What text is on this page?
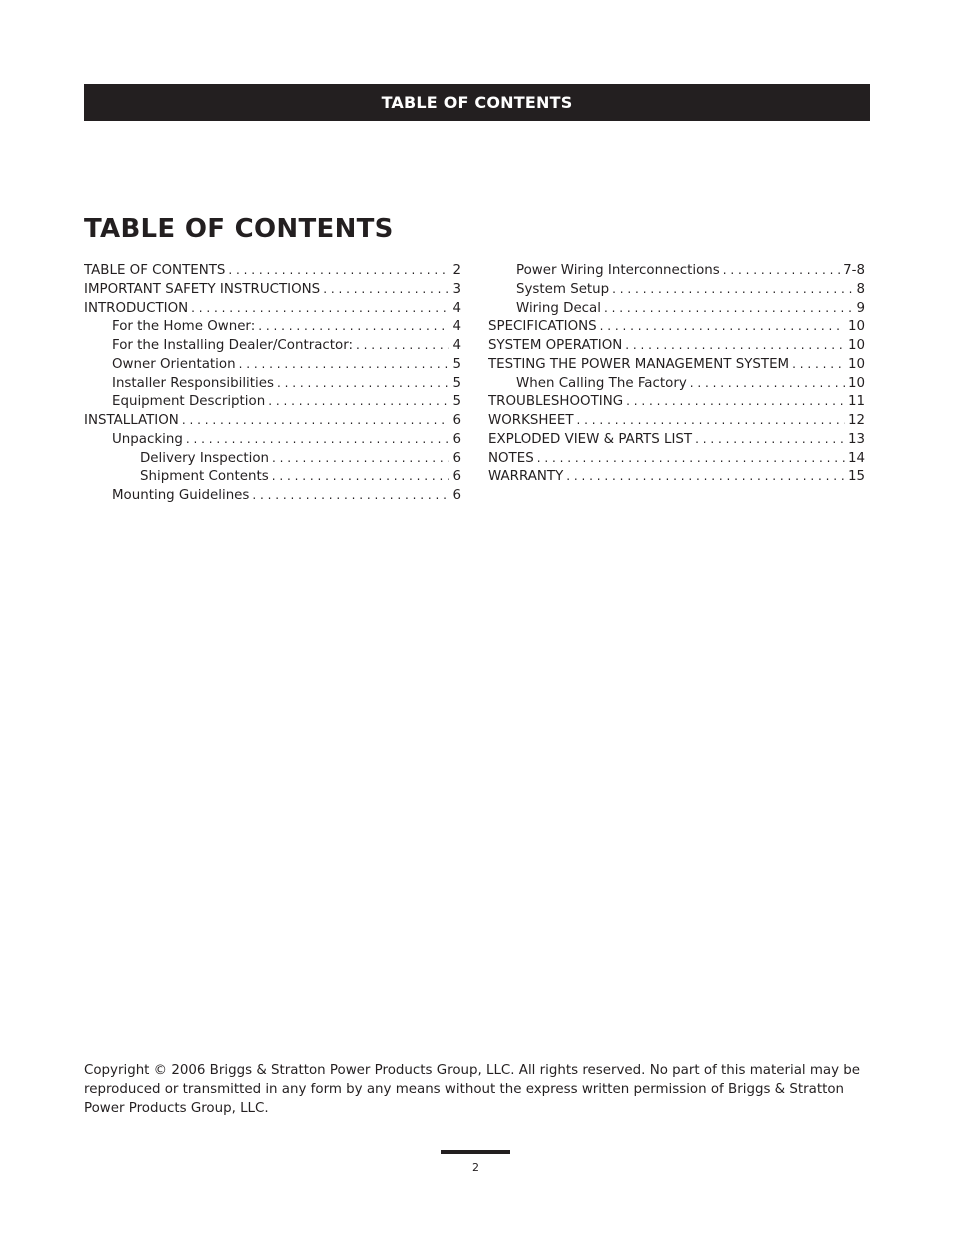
TABLE OF CONTENTS
TABLE OF CONTENTS
TABLE OF CONTENTS . . .	2
IMPORTANT SAFETY INSTRUCTIONS . . .	3
INTRODUCTION . . .	4
For the Home Owner: . . .	4
For the Installing Dealer/Contractor: . . .	4
Owner Orientation . . .	5
Installer Responsibilities . . .	5
Equipment Description . . .	5
INSTALLATION . . .	6
Unpacking . . .	6
Delivery Inspection . . .	6
Shipment Contents . . .	6
Mounting Guidelines . . .	6
Power Wiring Interconnections . . .	7-8
System Setup . . .	8
Wiring Decal . . .	9
SPECIFICATIONS . . .	10
SYSTEM OPERATION . . .	10
TESTING THE POWER MANAGEMENT SYSTEM . . .	10
When Calling The Factory . . .	10
TROUBLESHOOTING . . .	11
WORKSHEET . . .	12
EXPLODED VIEW & PARTS LIST . . .	13
NOTES . . .	14
WARRANTY . . .	15

Copyright © 2006 Briggs & Stratton Power Products Group, LLC. All rights reserved. No part of this material may be reproduced or transmitted in any form by any means without the express written permission of Briggs & Stratton Power Products Group, LLC.

2
